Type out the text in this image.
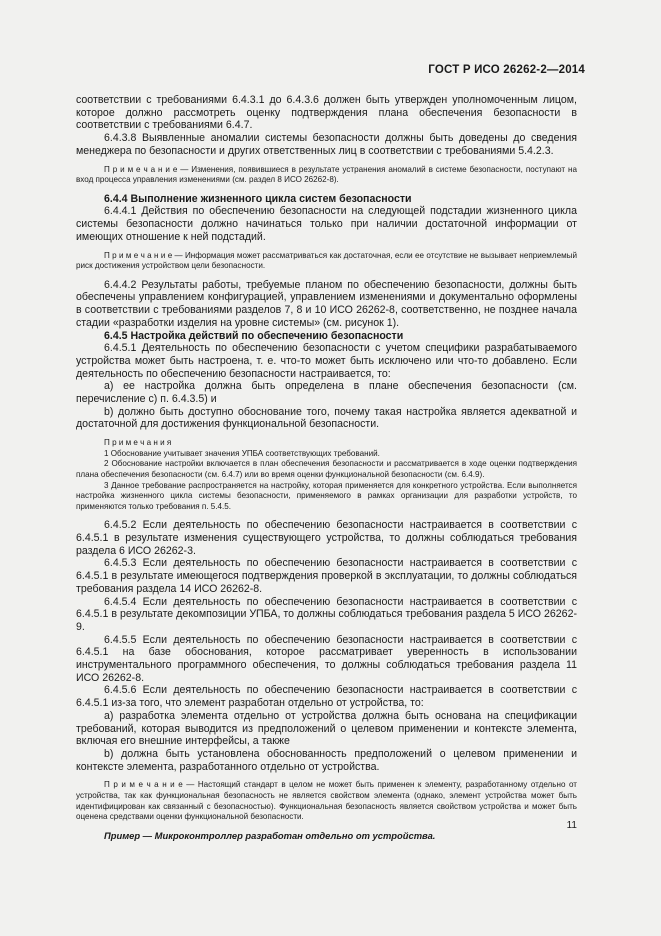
ГОСТ Р ИСО 26262-2—2014

соответствии с требованиями 6.4.3.1 до 6.4.3.6 должен быть утвержден уполномоченным лицом, которое должно рассмотреть оценку подтверждения плана обеспечения безопасности в соответствии с требованиями 6.4.7.

6.4.3.8 Выявленные аномалии системы безопасности должны быть доведены до сведения менеджера по безопасности и других ответственных лиц в соответствии с требованиями 5.4.2.3.

П р и м е ч а н и е — Изменения, появившиеся в результате устранения аномалий в системе безопасности, поступают на вход процесса управления изменениями (см. раздел 8 ИСО 26262-8).

6.4.4 Выполнение жизненного цикла систем безопасности

6.4.4.1 Действия по обеспечению безопасности на следующей подстадии жизненного цикла системы безопасности должно начинаться только при наличии достаточной информации от имеющих отношение к ней подстадий.

П р и м е ч а н и е — Информация может рассматриваться как достаточная, если ее отсутствие не вызывает неприемлемый риск достижения устройством цели безопасности.

6.4.4.2 Результаты работы, требуемые планом по обеспечению безопасности, должны быть обеспечены управлением конфигурацией, управлением изменениями и документально оформлены в соответствии с требованиями разделов 7, 8 и 10 ИСО 26262-8, соответственно, не позднее начала стадии «разработки изделия на уровне системы» (см. рисунок 1).

6.4.5 Настройка действий по обеспечению безопасности

6.4.5.1 Деятельность по обеспечению безопасности с учетом специфики разрабатываемого устройства может быть настроена, т. е. что-то может быть исключено или что-то добавлено. Если деятельность по обеспечению безопасности настраивается, то:

a) ее настройка должна быть определена в плане обеспечения безопасности (см. перечисление c) п. 6.4.3.5) и

b) должно быть доступно обоснование того, почему такая настройка является адекватной и достаточной для достижения функциональной безопасности.

П р и м е ч а н и я

1 Обоснование учитывает значения УПБА соответствующих требований.

2 Обоснование настройки включается в план обеспечения безопасности и рассматривается в ходе оценки подтверждения плана обеспечения безопасности (см. 6.4.7) или во время оценки функциональной безопасности (см. 6.4.9).

3 Данное требование распространяется на настройку, которая применяется для конкретного устройства. Если выполняется настройка жизненного цикла системы безопасности, применяемого в рамках организации для разработки устройств, то применяются только требования п. 5.4.5.

6.4.5.2 Если деятельность по обеспечению безопасности настраивается в соответствии с 6.4.5.1 в результате изменения существующего устройства, то должны соблюдаться требования раздела 6 ИСО 26262-3.

6.4.5.3 Если деятельность по обеспечению безопасности настраивается в соответствии с 6.4.5.1 в результате имеющегося подтверждения проверкой в эксплуатации, то должны соблюдаться требования раздела 14 ИСО 26262-8.

6.4.5.4 Если деятельность по обеспечению безопасности настраивается в соответствии с 6.4.5.1 в результате декомпозиции УПБА, то должны соблюдаться требования раздела 5 ИСО 26262-9.

6.4.5.5 Если деятельность по обеспечению безопасности настраивается в соответствии с 6.4.5.1 на базе обоснования, которое рассматривает уверенность в использовании инструментального программного обеспечения, то должны соблюдаться требования раздела 11 ИСО 26262-8.

6.4.5.6 Если деятельность по обеспечению безопасности настраивается в соответствии с 6.4.5.1 из-за того, что элемент разработан отдельно от устройства, то:

a) разработка элемента отдельно от устройства должна быть основана на спецификации требований, которая выводится из предположений о целевом применении и контексте элемента, включая его внешние интерфейсы, а также

b) должна быть установлена обоснованность предположений о целевом применении и контексте элемента, разработанного отдельно от устройства.

П р и м е ч а н и е — Настоящий стандарт в целом не может быть применен к элементу, разработанному отдельно от устройства, так как функциональная безопасность не является свойством элемента (однако, элемент устройства может быть идентифицирован как связанный с безопасностью). Функциональная безопасность является свойством устройства и может быть оценена средствами оценки функциональной безопасности.

Пример — Микроконтроллер разработан отдельно от устройства.

11
